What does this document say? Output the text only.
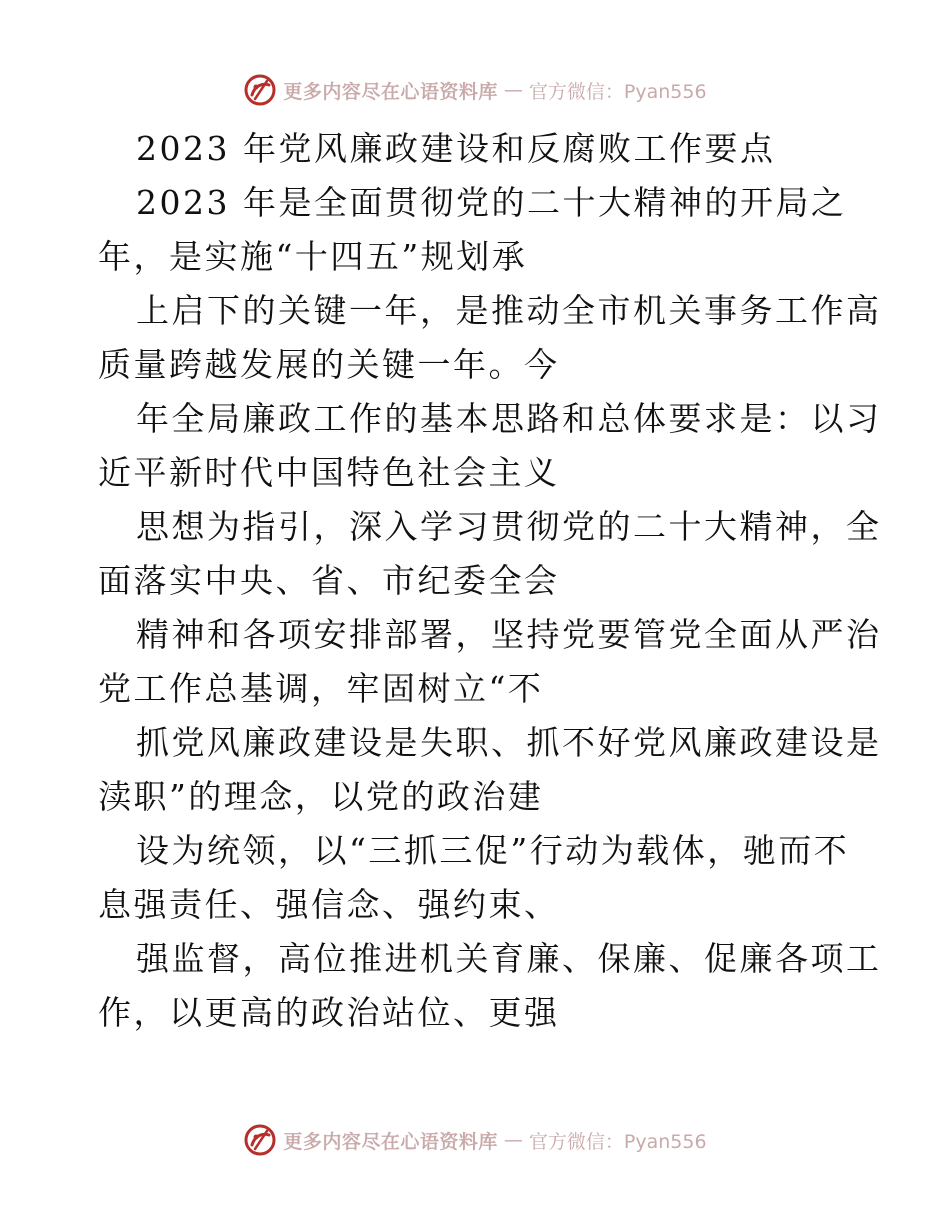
更多内容尽在心语资料库 — 官方微信：Pyan556
2023 年党风廉政建设和反腐败工作要点
2023 年是全面贯彻党的二十大精神的开局之
年，是实施“十四五”规划承
上启下的关键一年，是推动全市机关事务工作高
质量跨越发展的关键一年。今
年全局廉政工作的基本思路和总体要求是：以习
近平新时代中国特色社会主义
思想为指引，深入学习贯彻党的二十大精神，全
面落实中央、省、市纪委全会
精神和各项安排部署，坚持党要管党全面从严治
党工作总基调，牢固树立“不
抓党风廉政建设是失职、抓不好党风廉政建设是
渎职”的理念，以党的政治建
设为统领，以“三抓三促”行动为载体，驰而不
息强责任、强信念、强约束、
强监督，高位推进机关育廉、保廉、促廉各项工
作，以更高的政治站位、更强
更多内容尽在心语资料库 — 官方微信：Pyan556
